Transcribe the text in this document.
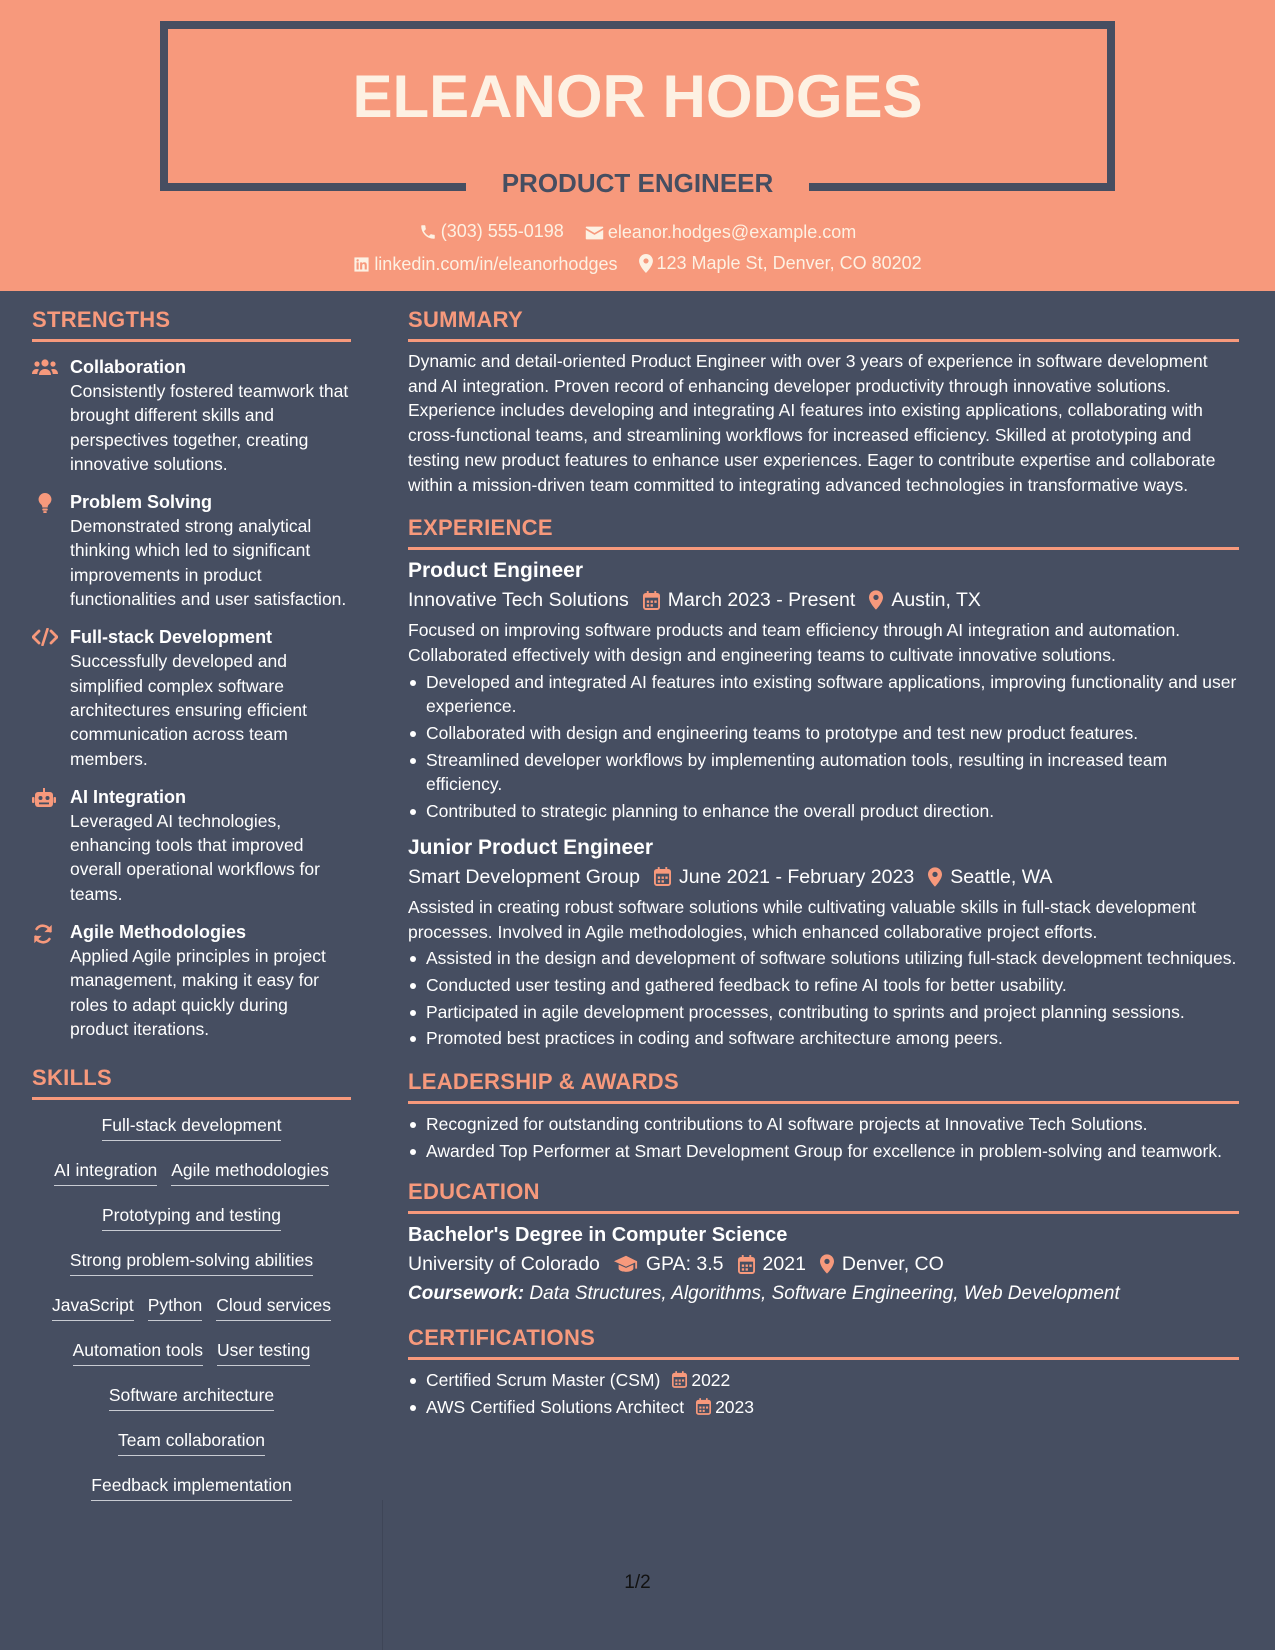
ELEANOR HODGES
PRODUCT ENGINEER
(303) 555-0198
eleanor.hodges@example.com
linkedin.com/in/eleanorhodges
123 Maple St, Denver, CO 80202
STRENGTHS
Collaboration
Consistently fostered teamwork that brought different skills and perspectives together, creating innovative solutions.
Problem Solving
Demonstrated strong analytical thinking which led to significant improvements in product functionalities and user satisfaction.
Full-stack Development
Successfully developed and simplified complex software architectures ensuring efficient communication across team members.
AI Integration
Leveraged AI technologies, enhancing tools that improved overall operational workflows for teams.
Agile Methodologies
Applied Agile principles in project management, making it easy for roles to adapt quickly during product iterations.
SKILLS
Full-stack development
AI integration Agile methodologies
Prototyping and testing
Strong problem-solving abilities
JavaScript Python Cloud services
Automation tools User testing
Software architecture
Team collaboration
Feedback implementation
SUMMARY
Dynamic and detail-oriented Product Engineer with over 3 years of experience in software development and AI integration. Proven record of enhancing developer productivity through innovative solutions. Experience includes developing and integrating AI features into existing applications, collaborating with cross-functional teams, and streamlining workflows for increased efficiency. Skilled at prototyping and testing new product features to enhance user experiences. Eager to contribute expertise and collaborate within a mission-driven team committed to integrating advanced technologies in transformative ways.
EXPERIENCE
Product Engineer
Innovative Tech Solutions March 2023 - Present Austin, TX
Focused on improving software products and team efficiency through AI integration and automation. Collaborated effectively with design and engineering teams to cultivate innovative solutions.
Developed and integrated AI features into existing software applications, improving functionality and user experience.
Collaborated with design and engineering teams to prototype and test new product features.
Streamlined developer workflows by implementing automation tools, resulting in increased team efficiency.
Contributed to strategic planning to enhance the overall product direction.
Junior Product Engineer
Smart Development Group June 2021 - February 2023 Seattle, WA
Assisted in creating robust software solutions while cultivating valuable skills in full-stack development processes. Involved in Agile methodologies, which enhanced collaborative project efforts.
Assisted in the design and development of software solutions utilizing full-stack development techniques.
Conducted user testing and gathered feedback to refine AI tools for better usability.
Participated in agile development processes, contributing to sprints and project planning sessions.
Promoted best practices in coding and software architecture among peers.
LEADERSHIP & AWARDS
Recognized for outstanding contributions to AI software projects at Innovative Tech Solutions.
Awarded Top Performer at Smart Development Group for excellence in problem-solving and teamwork.
EDUCATION
Bachelor's Degree in Computer Science
University of Colorado GPA: 3.5 2021 Denver, CO
Coursework: Data Structures, Algorithms, Software Engineering, Web Development
CERTIFICATIONS
Certified Scrum Master (CSM) 2022
AWS Certified Solutions Architect 2023
1/2
